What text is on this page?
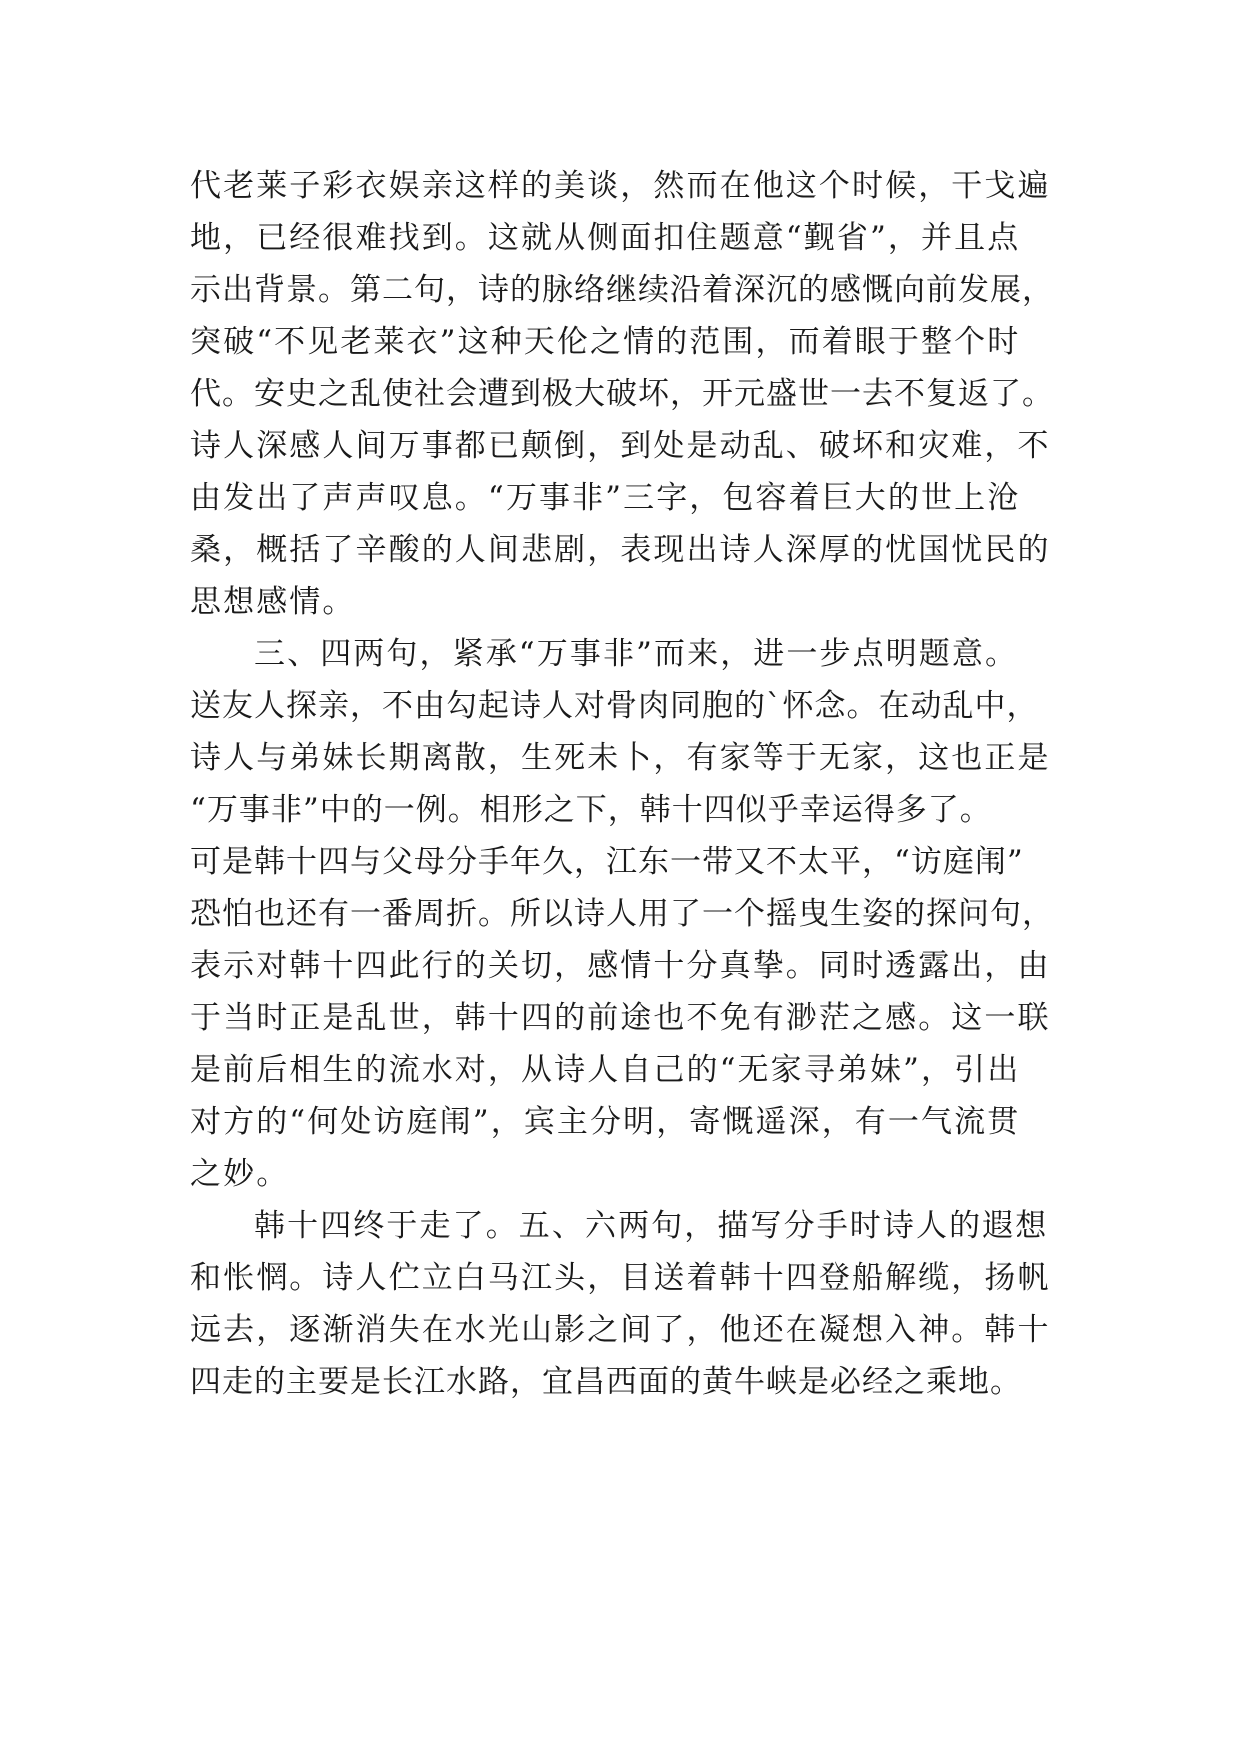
代老莱子彩衣娱亲这样的美谈，然而在他这个时候，干戈遍
地，已经很难找到。这就从侧面扣住题意“觐省”，并且点
示出背景。第二句，诗的脉络继续沿着深沉的感慨向前发展，
突破“不见老莱衣”这种天伦之情的范围，而着眼于整个时
代。安史之乱使社会遭到极大破坏，开元盛世一去不复返了。
诗人深感人间万事都已颠倒，到处是动乱、破坏和灾难，不
由发出了声声叹息。“万事非”三字，包容着巨大的世上沧
桑，概括了辛酸的人间悲剧，表现出诗人深厚的忧国忧民的
思想感情。
三、四两句，紧承“万事非”而来，进一步点明题意。
送友人探亲，不由勾起诗人对骨肉同胞的`怀念。在动乱中，
诗人与弟妹长期离散，生死未卜，有家等于无家，这也正是
“万事非”中的一例。相形之下，韩十四似乎幸运得多了。
可是韩十四与父母分手年久，江东一带又不太平，“访庭闱”
恐怕也还有一番周折。所以诗人用了一个摇曳生姿的探问句，
表示对韩十四此行的关切，感情十分真挚。同时透露出，由
于当时正是乱世，韩十四的前途也不免有渺茫之感。这一联
是前后相生的流水对，从诗人自己的“无家寻弟妹”，引出
对方的“何处访庭闱”，宾主分明，寄慨遥深，有一气流贯
之妙。
韩十四终于走了。五、六两句，描写分手时诗人的遐想
和怅惘。诗人伫立白马江头，目送着韩十四登船解缆，扬帆
远去，逐渐消失在水光山影之间了，他还在凝想入神。韩十
四走的主要是长江水路，宜昌西面的黄牛峡是必经之乘地。
